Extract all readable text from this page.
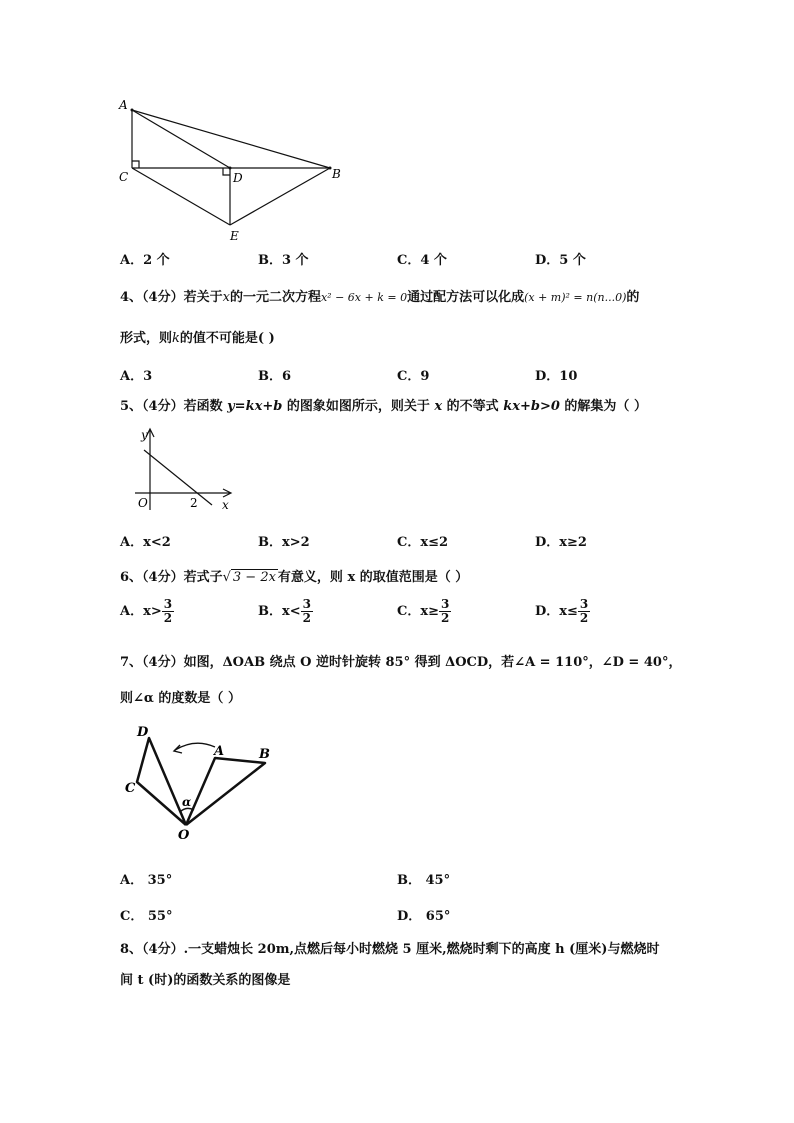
A
C	D	B
E
A．2 个	B．3 个	C．4 个	D．5 个
4、（4分）若关于x的一元二次方程x² − 6x + k = 0通过配方法可以化成(x + m)² = n(n...0)的
形式，则k的值不可能是( )
A．3	B．6	C．9	D．10
5、（4分）若函数 y=kx+b 的图象如图所示，则关于 x 的不等式 kx+b>0 的解集为（ ）
y
x
O	2
A．x<2	B．x>2	C．x≤2	D．x≥2
6、（4分）若式子√ 3 − 2x 有意义，则 x 的取值范围是（ ）
A．$x> \frac{3}{2}$	B．$x< \frac{3}{2}$	C．$x\ge \frac{3}{2}$	D．$x\le \frac{3}{2}$
7、（4分）如图，ΔOAB 绕点 O 逆时针旋转 85° 得到 ΔOCD，若∠A = 110°，∠D = 40°，
则∠α 的度数是（ ）
D
A	B
C
O
α
A． 35°	B． 45°
C． 55°	D． 65°
8、（4分）.一支蜡烛长 20m,点燃后每小时燃烧 5 厘米,燃烧时剩下的高度 h (厘米)与燃烧时
间 t (时)的函数关系的图像是
